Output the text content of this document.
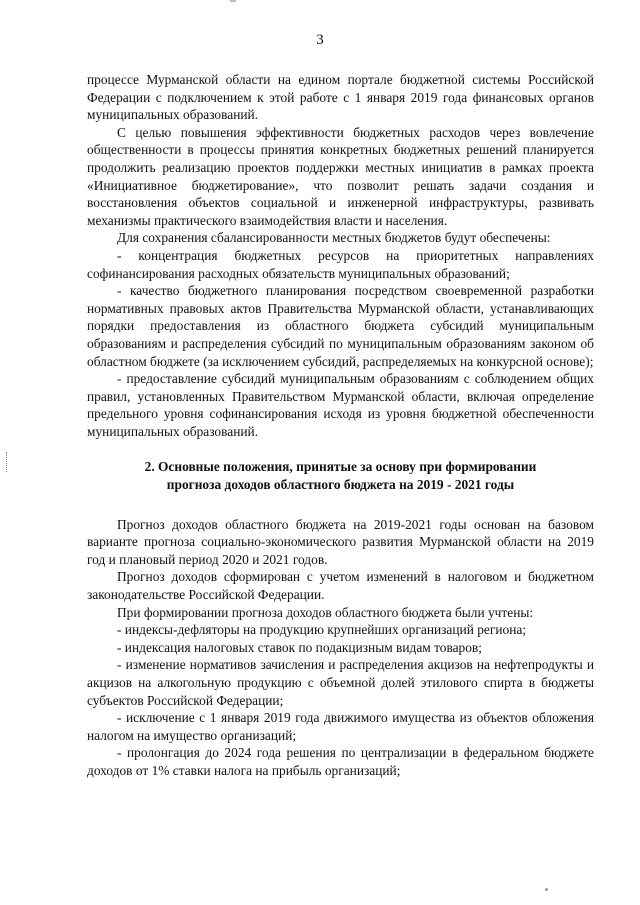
3

процессе Мурманской области на едином портале бюджетной системы Российской Федерации с подключением к этой работе с 1 января 2019 года финансовых органов муниципальных образований.

С целью повышения эффективности бюджетных расходов через вовлечение общественности в процессы принятия конкретных бюджетных решений планируется продолжить реализацию проектов поддержки местных инициатив в рамках проекта «Инициативное бюджетирование», что позволит решать задачи создания и восстановления объектов социальной и инженерной инфраструктуры, развивать механизмы практического взаимодействия власти и населения.

Для сохранения сбалансированности местных бюджетов будут обеспечены:

- концентрация бюджетных ресурсов на приоритетных направлениях софинансирования расходных обязательств муниципальных образований;

- качество бюджетного планирования посредством своевременной разработки нормативных правовых актов Правительства Мурманской области, устанавливающих порядки предоставления из областного бюджета субсидий муниципальным образованиям и распределения субсидий по муниципальным образованиям законом об областном бюджете (за исключением субсидий, распределяемых на конкурсной основе);

- предоставление субсидий муниципальным образованиям с соблюдением общих правил, установленных Правительством Мурманской области, включая определение предельного уровня софинансирования исходя из уровня бюджетной обеспеченности муниципальных образований.

2. Основные положения, принятые за основу при формировании
прогноза доходов областного бюджета на 2019 - 2021 годы

Прогноз доходов областного бюджета на 2019-2021 годы основан на базовом варианте прогноза социально-экономического развития Мурманской области на 2019 год и плановый период 2020 и 2021 годов.

Прогноз доходов сформирован с учетом изменений в налоговом и бюджетном законодательстве Российской Федерации.

При формировании прогноза доходов областного бюджета были учтены:

- индексы-дефляторы на продукцию крупнейших организаций региона;

- индексация налоговых ставок по подакцизным видам товаров;

- изменение нормативов зачисления и распределения акцизов на нефтепродукты и акцизов на алкогольную продукцию с объемной долей этилового спирта в бюджеты субъектов Российской Федерации;

- исключение с 1 января 2019 года движимого имущества из объектов обложения налогом на имущество организаций;

- пролонгация до 2024 года решения по централизации в федеральном бюджете доходов от 1% ставки налога на прибыль организаций;
